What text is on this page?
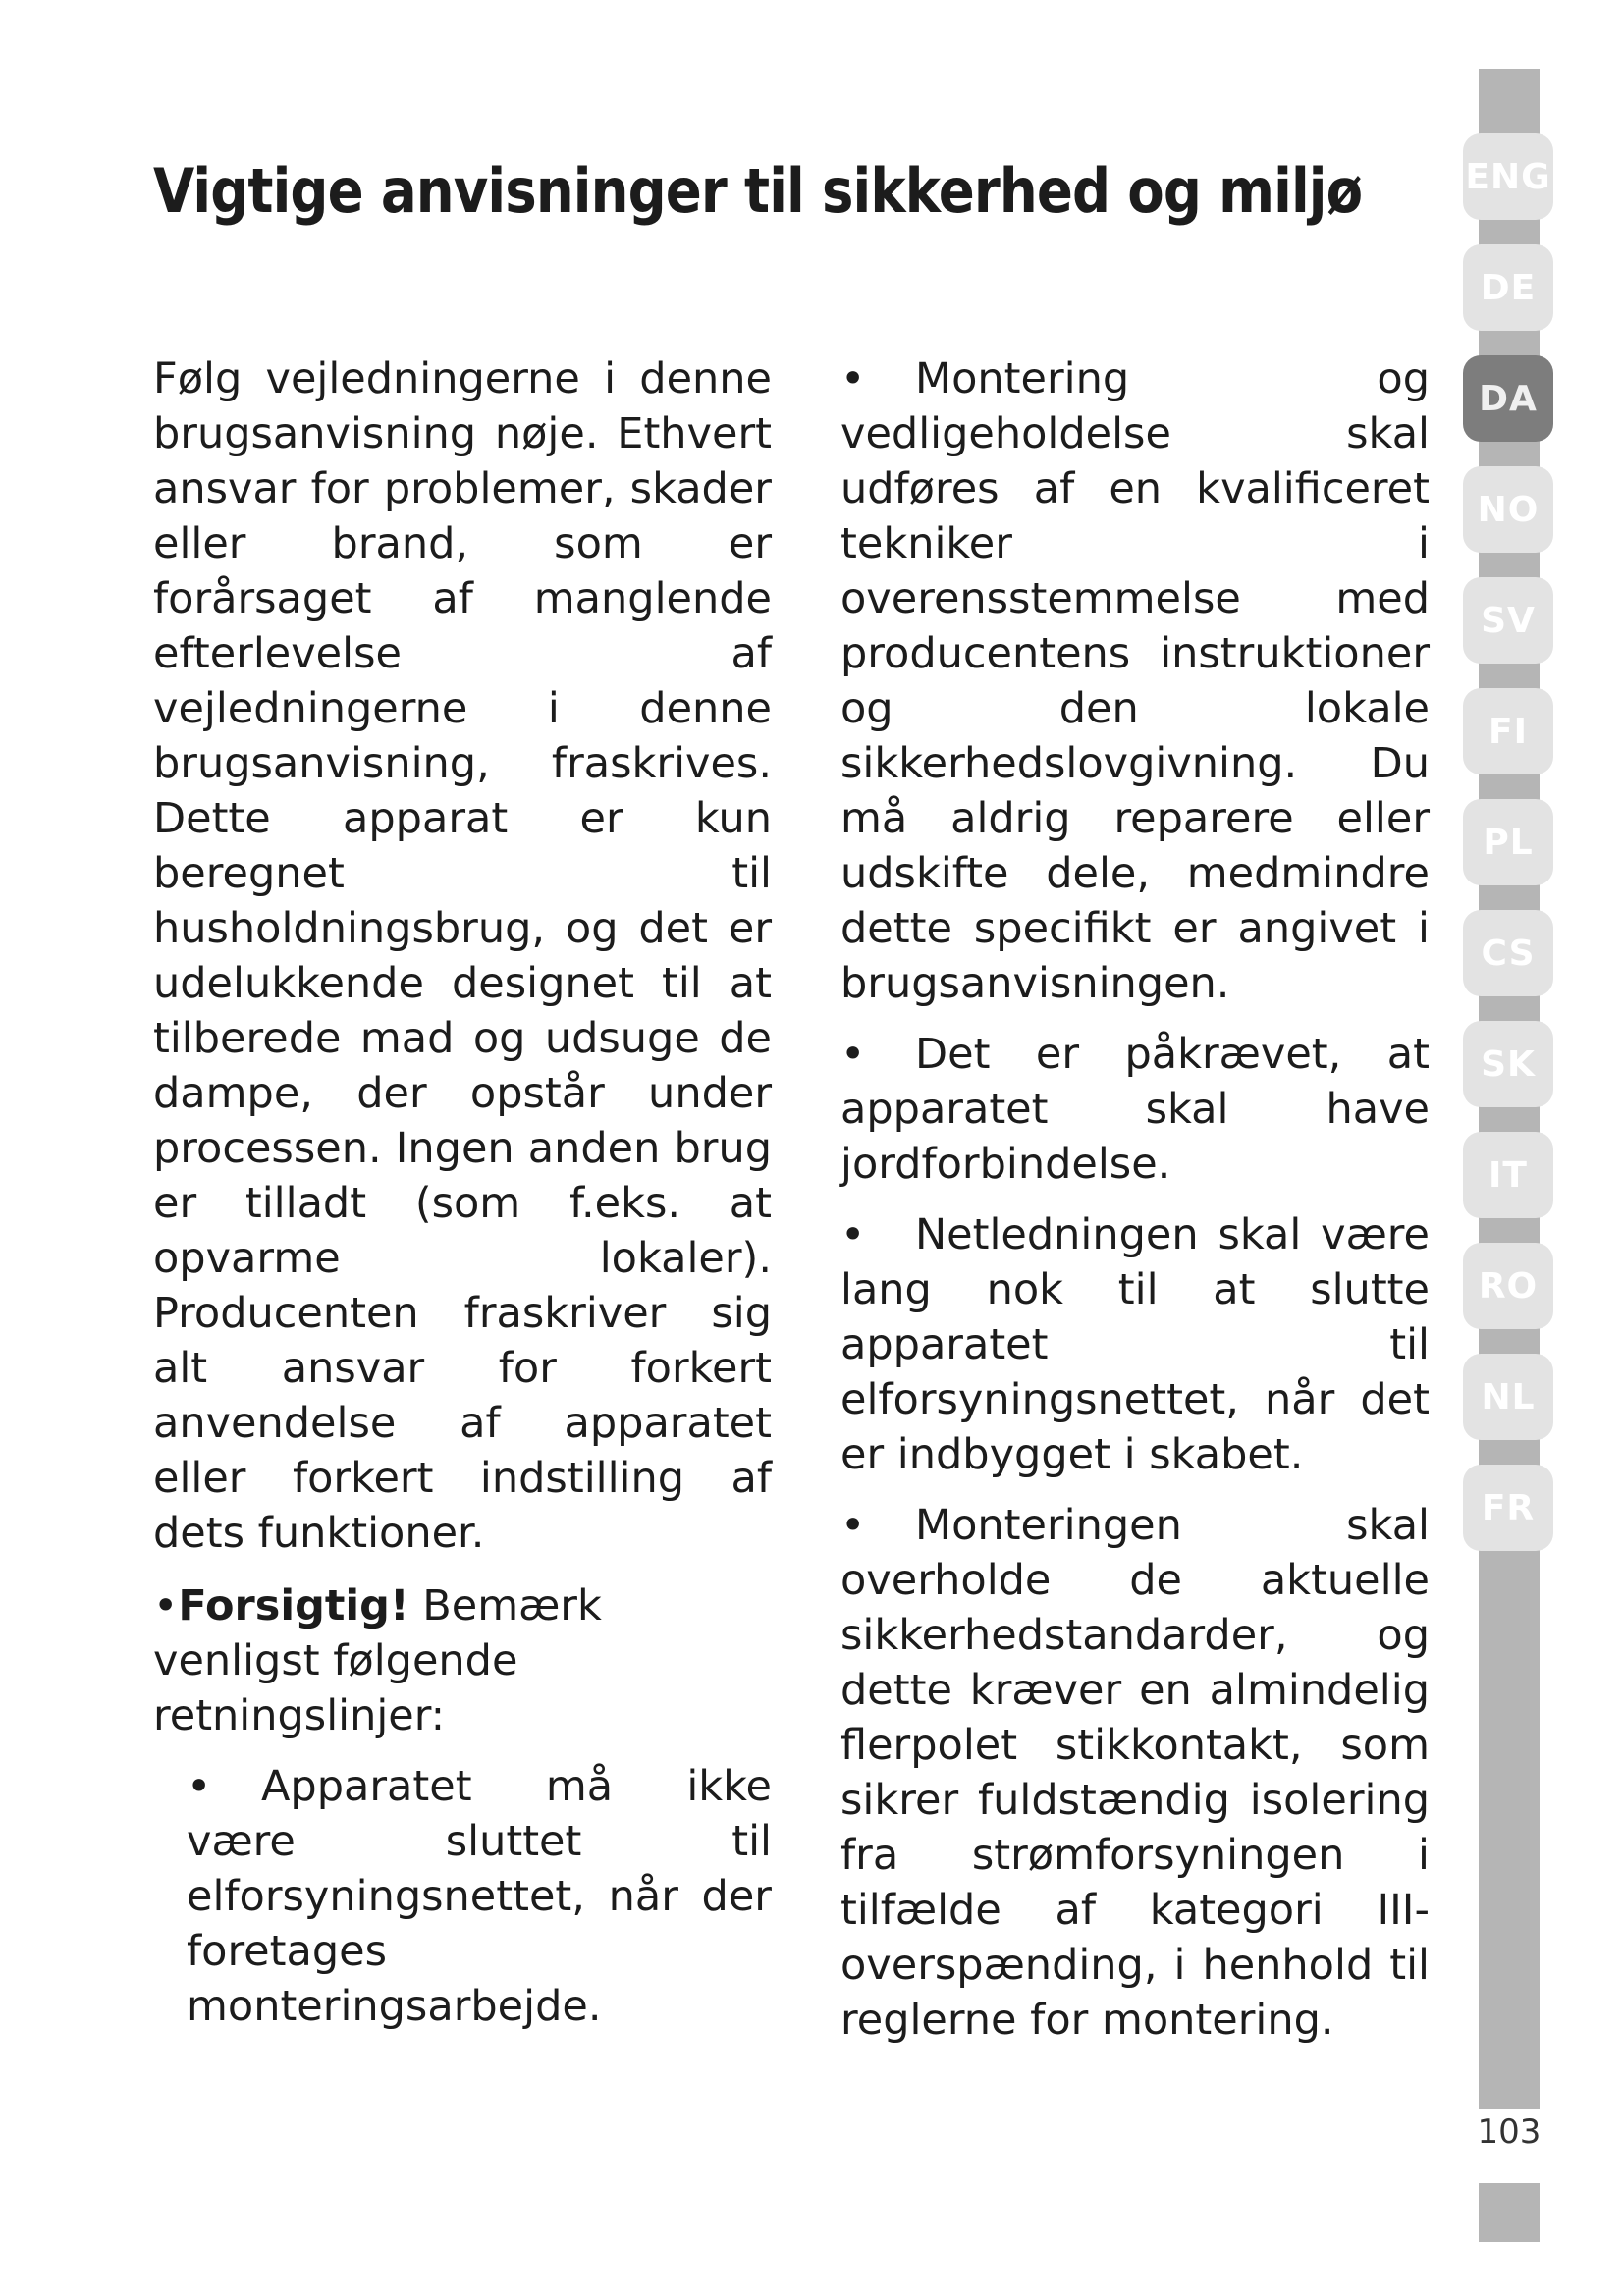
Vigtige anvisninger til sikkerhed og miljø

Følg vejledningerne i denne brugsanvisning nøje. Ethvert ansvar for problemer, skader eller brand, som er forårsaget af manglende efterlevelse af vejledningerne i denne brugsanvisning, fraskrives. Dette apparat er kun beregnet til husholdningsbrug, og det er udelukkende designet til at tilberede mad og udsuge de dampe, der opstår under processen. Ingen anden brug er tilladt (som f.eks. at opvarme lokaler). Producenten fraskriver sig alt ansvar for forkert anvendelse af apparatet eller forkert indstilling af dets funktioner.

•Forsigtig! Bemærk venligst følgende retningslinjer:
• Apparatet må ikke være sluttet til elforsyningsnettet, når der foretages monteringsarbejde.
• Montering og vedligeholdelse skal udføres af en kvalificeret tekniker i overensstemmelse med producentens instruktioner og den lokale sikkerhedslovgivning. Du må aldrig reparere eller udskifte dele, medmindre dette specifikt er angivet i brugsanvisningen.
• Det er påkrævet, at apparatet skal have jordforbindelse.
• Netledningen skal være lang nok til at slutte apparatet til elforsyningsnettet, når det er indbygget i skabet.
• Monteringen skal overholde de aktuelle sikkerhedstandarder, og dette kræver en almindelig flerpolet stikkontakt, som sikrer fuldstændig isolering fra strømforsyningen i tilfælde af kategori III-overspænding, i henhold til reglerne for montering.
ENG
DE
DA
NO
SV
FI
PL
CS
SK
IT
RO
NL
FR
103
